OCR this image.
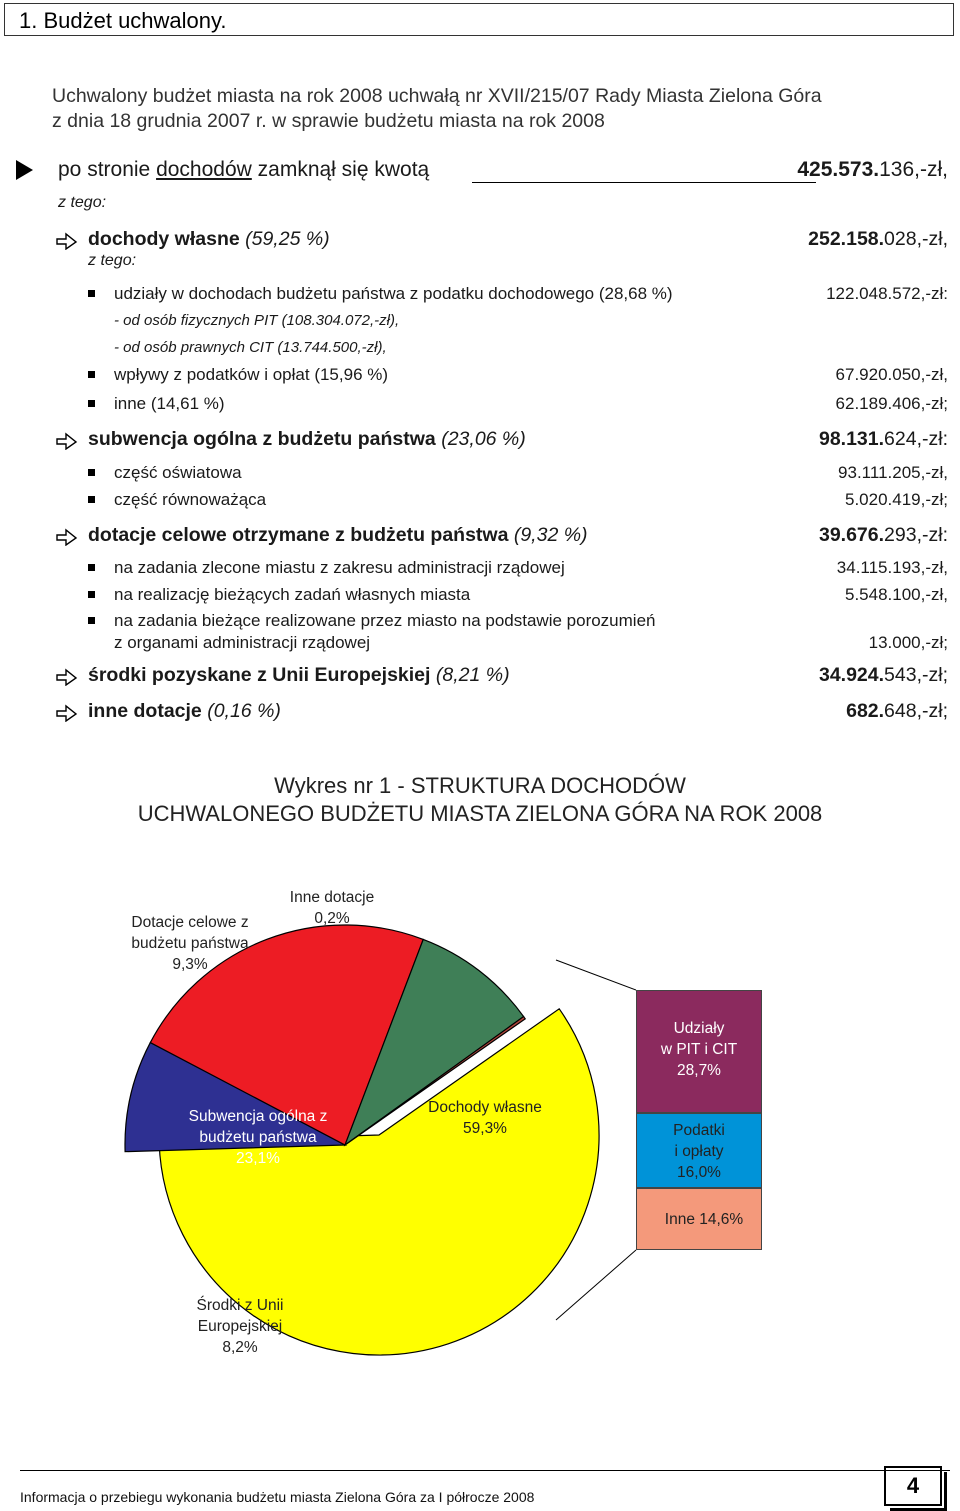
1. Budżet uchwalony.
Uchwalony budżet miasta na rok 2008 uchwałą nr XVII/215/07 Rady Miasta Zielona Góra
z dnia 18 grudnia 2007 r. w sprawie budżetu miasta na rok 2008
po stronie dochodów zamknął się kwotą	425.573.136,-zł,
z tego:
dochody własne (59,25 %)	252.158.028,-zł,
z tego:
udziały w dochodach budżetu państwa z podatku dochodowego (28,68 %)	122.048.572,-zł:
- od osób fizycznych PIT (108.304.072,-zł),
- od osób prawnych CIT (13.744.500,-zł),
wpływy z podatków i opłat (15,96 %)	67.920.050,-zł,
inne (14,61 %)	62.189.406,-zł;
subwencja ogólna z budżetu państwa (23,06 %)	98.131.624,-zł:
część oświatowa	93.111.205,-zł,
część równoważąca	5.020.419,-zł;
dotacje celowe otrzymane z budżetu państwa (9,32 %)	39.676.293,-zł:
na zadania zlecone miastu z zakresu administracji rządowej	34.115.193,-zł,
na realizację bieżących zadań własnych miasta	5.548.100,-zł,
na zadania bieżące realizowane przez miasto na podstawie porozumień
z organami administracji rządowej	13.000,-zł;
środki pozyskane z Unii Europejskiej (8,21 %)	34.924.543,-zł;
inne dotacje (0,16 %)	682.648,-zł;
Wykres nr 1 - STRUKTURA DOCHODÓW
UCHWALONEGO BUDŻETU MIASTA ZIELONA GÓRA NA ROK 2008
Dotacje celowe z
budżetu państwa
9,3%
Inne dotacje
0,2%
Subwencja ogólna z
budżetu państwa
23,1%
Dochody własne
59,3%
Środki z Unii
Europejskiej
8,2%
Udziały
w PIT i CIT
28,7%
Podatki
i opłaty
16,0%
Inne 14,6%
Informacja o przebiegu wykonania budżetu miasta Zielona Góra za I półrocze 2008	4
